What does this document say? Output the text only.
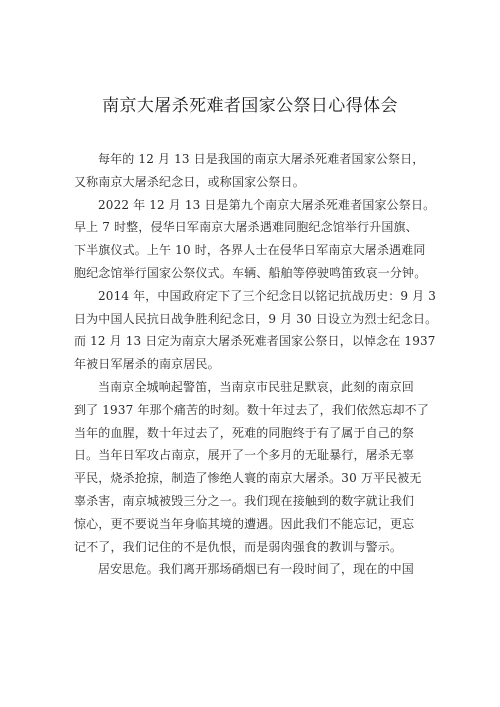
南京大屠杀死难者国家公祭日心得体会
每年的 12 月 13 日是我国的南京大屠杀死难者国家公祭日，
又称南京大屠杀纪念日，或称国家公祭日。
2022 年 12 月 13 日是第九个南京大屠杀死难者国家公祭日。
早上 7 时整，侵华日军南京大屠杀遇难同胞纪念馆举行升国旗、
下半旗仪式。上午 10 时，各界人士在侵华日军南京大屠杀遇难同
胞纪念馆举行国家公祭仪式。车辆、船舶等停驶鸣笛致哀一分钟。
2014 年，中国政府定下了三个纪念日以铭记抗战历史：9 月 3
日为中国人民抗日战争胜利纪念日，9 月 30 日设立为烈士纪念日。
而 12 月 13 日定为南京大屠杀死难者国家公祭日，以悼念在 1937
年被日军屠杀的南京居民。
当南京全城响起警笛，当南京市民驻足默哀，此刻的南京回
到了 1937 年那个痛苦的时刻。数十年过去了，我们依然忘却不了
当年的血腥，数十年过去了，死难的同胞终于有了属于自己的祭
日。当年日军攻占南京，展开了一个多月的无耻暴行，屠杀无辜
平民，烧杀抢掠，制造了惨绝人寰的南京大屠杀。30 万平民被无
辜杀害，南京城被毁三分之一。我们现在接触到的数字就让我们
惊心，更不要说当年身临其境的遭遇。因此我们不能忘记，更忘
记不了，我们记住的不是仇恨，而是弱肉强食的教训与警示。
居安思危。我们离开那场硝烟已有一段时间了，现在的中国
